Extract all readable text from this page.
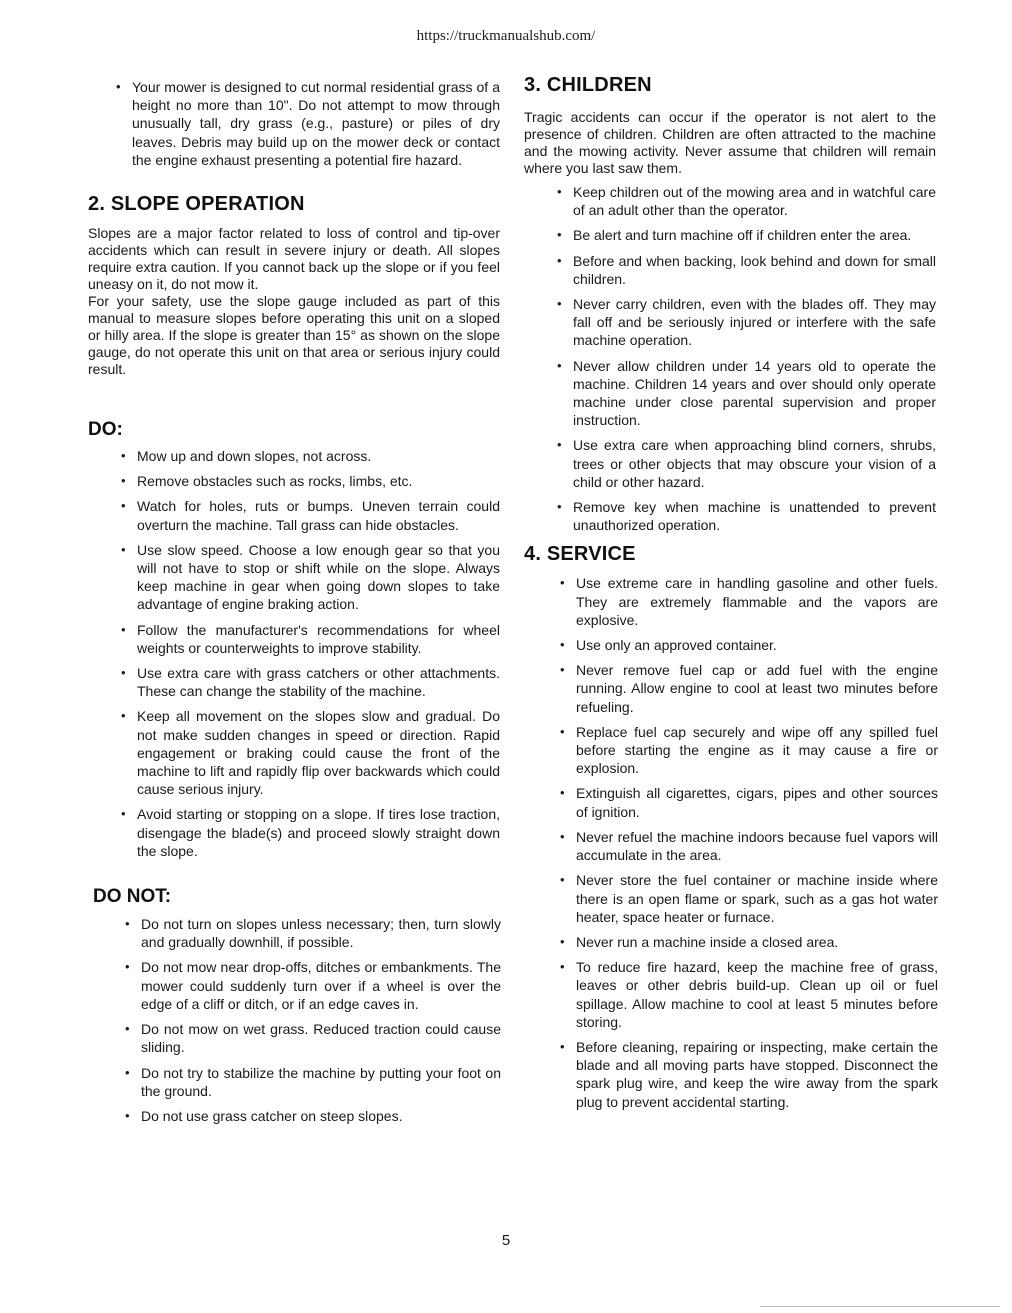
https://truckmanualshub.com/
• Your mower is designed to cut normal residential grass of a height no more than 10". Do not attempt to mow through unusually tall, dry grass (e.g., pasture) or piles of dry leaves. Debris may build up on the mower deck or contact the engine exhaust presenting a potential fire hazard.
2. SLOPE OPERATION

Slopes are a major factor related to loss of control and tip-over accidents which can result in severe injury or death. All slopes require extra caution. If you cannot back up the slope or if you feel uneasy on it, do not mow it.

For your safety, use the slope gauge included as part of this manual to measure slopes before operating this unit on a sloped or hilly area. If the slope is greater than 15° as shown on the slope gauge, do not operate this unit on that area or serious injury could result.

DO:
• Mow up and down slopes, not across.
• Remove obstacles such as rocks, limbs, etc.
• Watch for holes, ruts or bumps. Uneven terrain could overturn the machine. Tall grass can hide obstacles.
• Use slow speed. Choose a low enough gear so that you will not have to stop or shift while on the slope. Always keep machine in gear when going down slopes to take advantage of engine braking action.
• Follow the manufacturer's recommendations for wheel weights or counterweights to improve stability.
• Use extra care with grass catchers or other attachments. These can change the stability of the machine.
• Keep all movement on the slopes slow and gradual. Do not make sudden changes in speed or direction. Rapid engagement or braking could cause the front of the machine to lift and rapidly flip over backwards which could cause serious injury.
• Avoid starting or stopping on a slope. If tires lose traction, disengage the blade(s) and proceed slowly straight down the slope.
DO NOT:
• Do not turn on slopes unless necessary; then, turn slowly and gradually downhill, if possible.
• Do not mow near drop-offs, ditches or embankments. The mower could suddenly turn over if a wheel is over the edge of a cliff or ditch, or if an edge caves in.
• Do not mow on wet grass. Reduced traction could cause sliding.
• Do not try to stabilize the machine by putting your foot on the ground.
• Do not use grass catcher on steep slopes.
3. CHILDREN

Tragic accidents can occur if the operator is not alert to the presence of children. Children are often attracted to the machine and the mowing activity. Never assume that children will remain where you last saw them.

• Keep children out of the mowing area and in watchful care of an adult other than the operator.
• Be alert and turn machine off if children enter the area.
• Before and when backing, look behind and down for small children.
• Never carry children, even with the blades off. They may fall off and be seriously injured or interfere with the safe machine operation.
• Never allow children under 14 years old to operate the machine. Children 14 years and over should only operate machine under close parental supervision and proper instruction.
• Use extra care when approaching blind corners, shrubs, trees or other objects that may obscure your vision of a child or other hazard.
• Remove key when machine is unattended to prevent unauthorized operation.
4. SERVICE
• Use extreme care in handling gasoline and other fuels. They are extremely flammable and the vapors are explosive.
• Use only an approved container.
• Never remove fuel cap or add fuel with the engine running. Allow engine to cool at least two minutes before refueling.
• Replace fuel cap securely and wipe off any spilled fuel before starting the engine as it may cause a fire or explosion.
• Extinguish all cigarettes, cigars, pipes and other sources of ignition.
• Never refuel the machine indoors because fuel vapors will accumulate in the area.
• Never store the fuel container or machine inside where there is an open flame or spark, such as a gas hot water heater, space heater or furnace.
• Never run a machine inside a closed area.
• To reduce fire hazard, keep the machine free of grass, leaves or other debris build-up. Clean up oil or fuel spillage. Allow machine to cool at least 5 minutes before storing.
• Before cleaning, repairing or inspecting, make certain the blade and all moving parts have stopped. Disconnect the spark plug wire, and keep the wire away from the spark plug to prevent accidental starting.
5
